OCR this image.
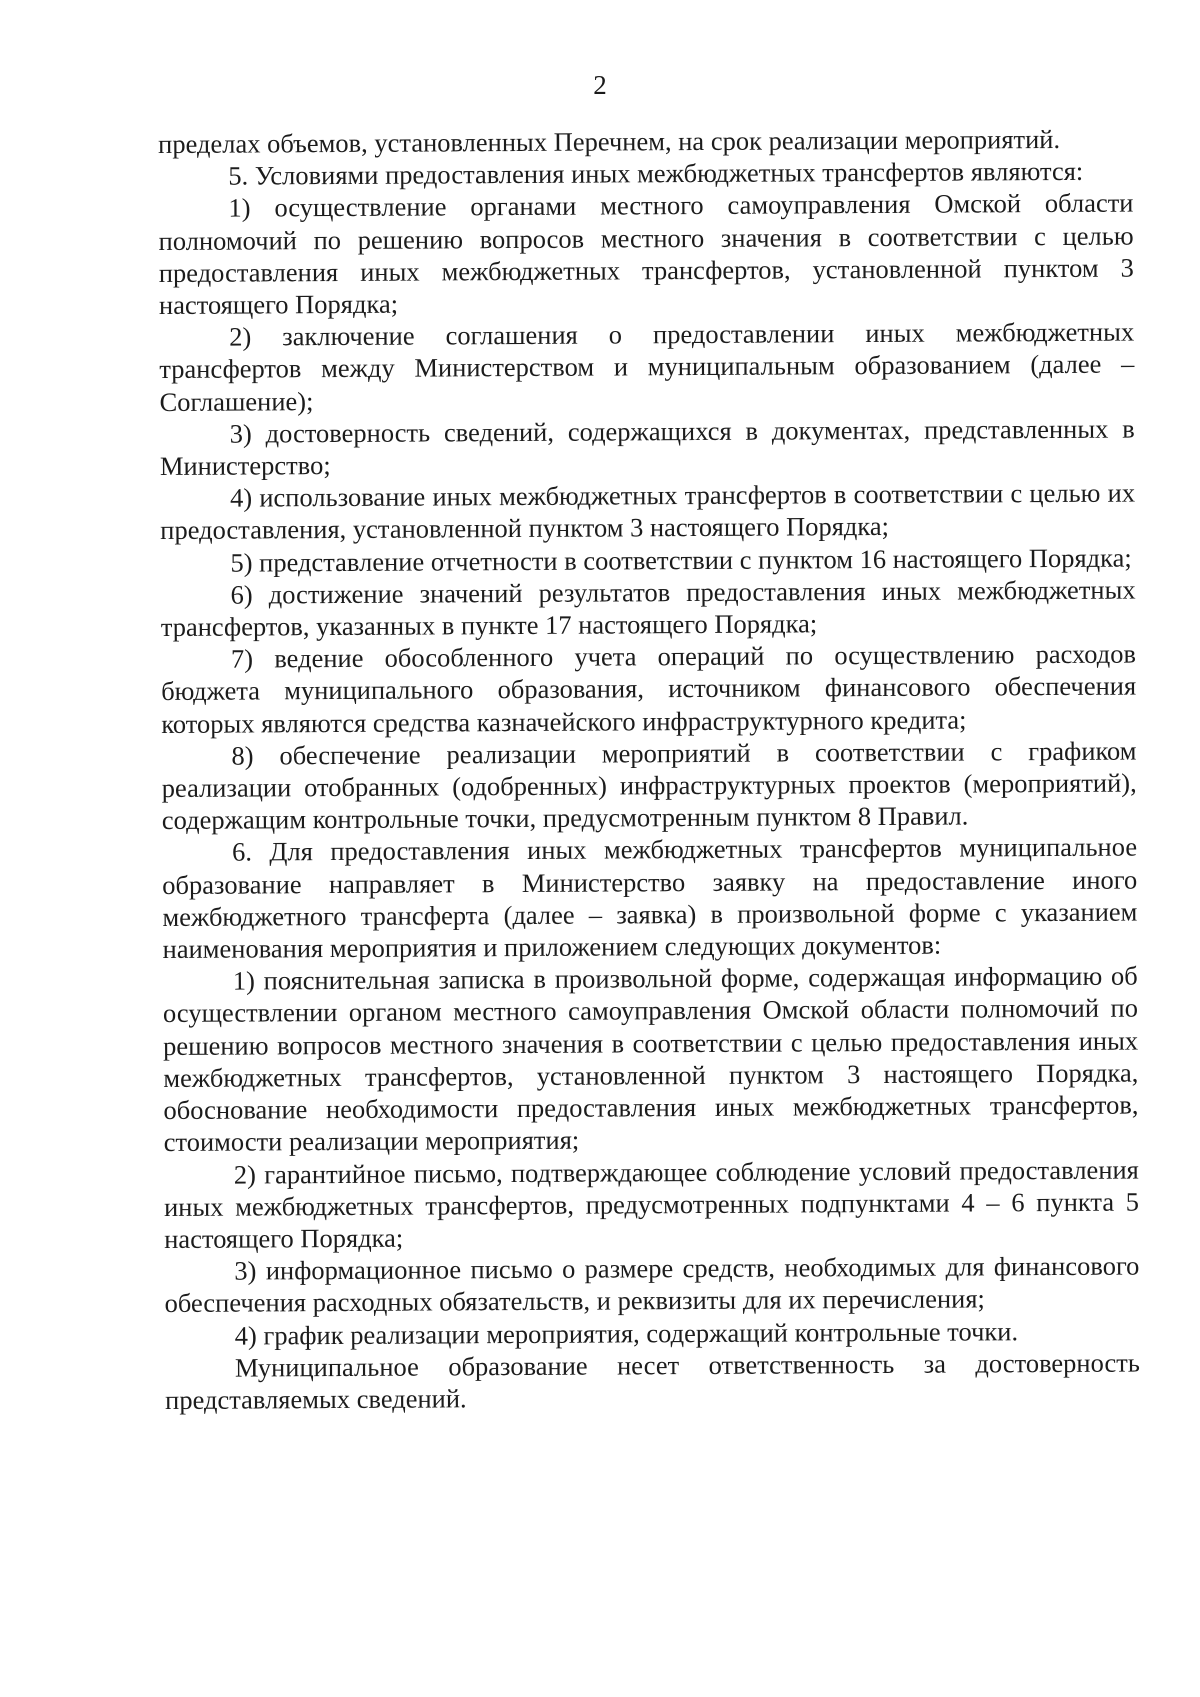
2

пределах объемов, установленных Перечнем, на срок реализации мероприятий.

5. Условиями предоставления иных межбюджетных трансфертов являются:

1) осуществление органами местного самоуправления Омской области полномочий по решению вопросов местного значения в соответствии с целью предоставления иных межбюджетных трансфертов, установленной пунктом 3 настоящего Порядка;

2) заключение соглашения о предоставлении иных межбюджетных трансфертов между Министерством и муниципальным образованием (далее – Соглашение);

3) достоверность сведений, содержащихся в документах, представленных в Министерство;

4) использование иных межбюджетных трансфертов в соответствии с целью их предоставления, установленной пунктом 3 настоящего Порядка;

5) представление отчетности в соответствии с пунктом 16 настоящего Порядка;

6) достижение значений результатов предоставления иных межбюджетных трансфертов, указанных в пункте 17 настоящего Порядка;

7) ведение обособленного учета операций по осуществлению расходов бюджета муниципального образования, источником финансового обеспечения которых являются средства казначейского инфраструктурного кредита;

8) обеспечение реализации мероприятий в соответствии с графиком реализации отобранных (одобренных) инфраструктурных проектов (мероприятий), содержащим контрольные точки, предусмотренным пунктом 8 Правил.

6. Для предоставления иных межбюджетных трансфертов муниципальное образование направляет в Министерство заявку на предоставление иного межбюджетного трансферта (далее – заявка) в произвольной форме с указанием наименования мероприятия и приложением следующих документов:

1) пояснительная записка в произвольной форме, содержащая информацию об осуществлении органом местного самоуправления Омской области полномочий по решению вопросов местного значения в соответствии с целью предоставления иных межбюджетных трансфертов, установленной пунктом 3 настоящего Порядка, обоснование необходимости предоставления иных межбюджетных трансфертов, стоимости реализации мероприятия;

2) гарантийное письмо, подтверждающее соблюдение условий предоставления иных межбюджетных трансфертов, предусмотренных подпунктами 4 – 6 пункта 5 настоящего Порядка;

3) информационное письмо о размере средств, необходимых для финансового обеспечения расходных обязательств, и реквизиты для их перечисления;

4) график реализации мероприятия, содержащий контрольные точки.

Муниципальное образование несет ответственность за достоверность представляемых сведений.
